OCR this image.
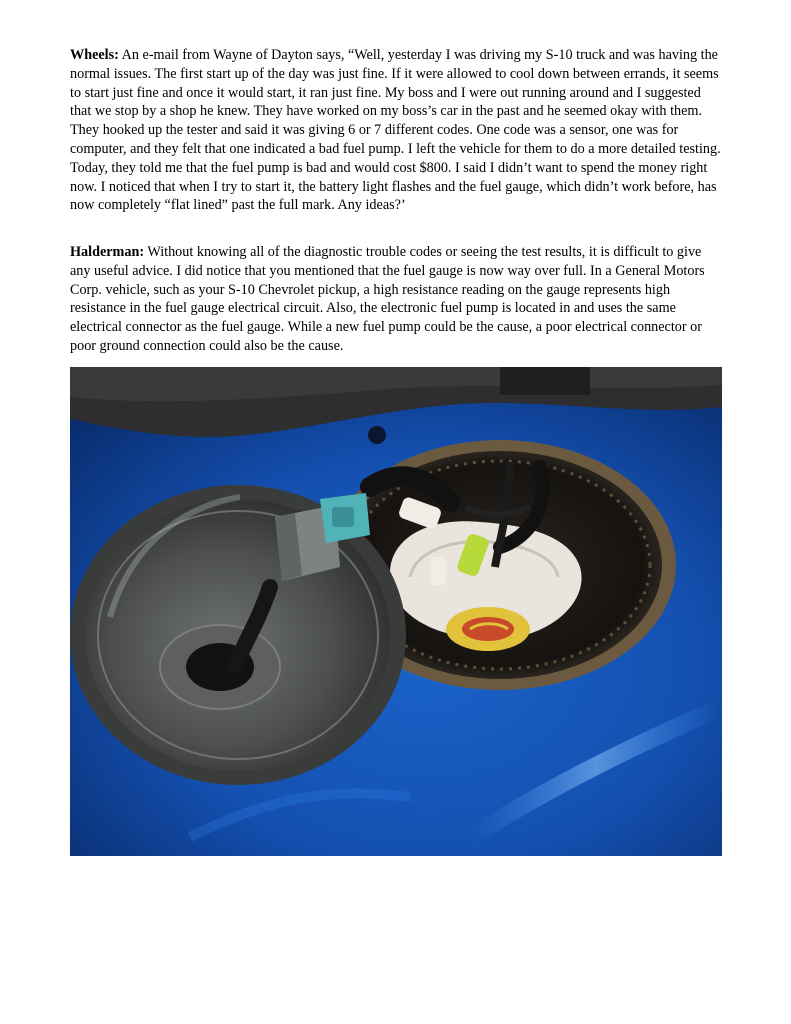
Wheels: An e-mail from Wayne of Dayton says, “Well, yesterday I was driving my S-10 truck and was having the normal issues. The first start up of the day was just fine. If it were allowed to cool down between errands, it seems to start just fine and once it would start, it ran just fine. My boss and I were out running around and I suggested that we stop by a shop he knew. They have worked on my boss’s car in the past and he seemed okay with them. They hooked up the tester and said it was giving 6 or 7 different codes. One code was a sensor, one was for computer, and they felt that one indicated a bad fuel pump. I left the vehicle for them to do a more detailed testing. Today, they told me that the fuel pump is bad and would cost $800. I said I didn’t want to spend the money right now. I noticed that when I try to start it, the battery light flashes and the fuel gauge, which didn’t work before, has now completely “flat lined” past the full mark. Any ideas?’

Halderman: Without knowing all of the diagnostic trouble codes or seeing the test results, it is difficult to give any useful advice. I did notice that you mentioned that the fuel gauge is now way over full. In a General Motors Corp. vehicle, such as your S-10 Chevrolet pickup, a high resistance reading on the gauge represents high resistance in the fuel gauge electrical circuit. Also, the electronic fuel pump is located in and uses the same electrical connector as the fuel gauge. While a new fuel pump could be the cause, a poor electrical connector or poor ground connection could also be the cause.
